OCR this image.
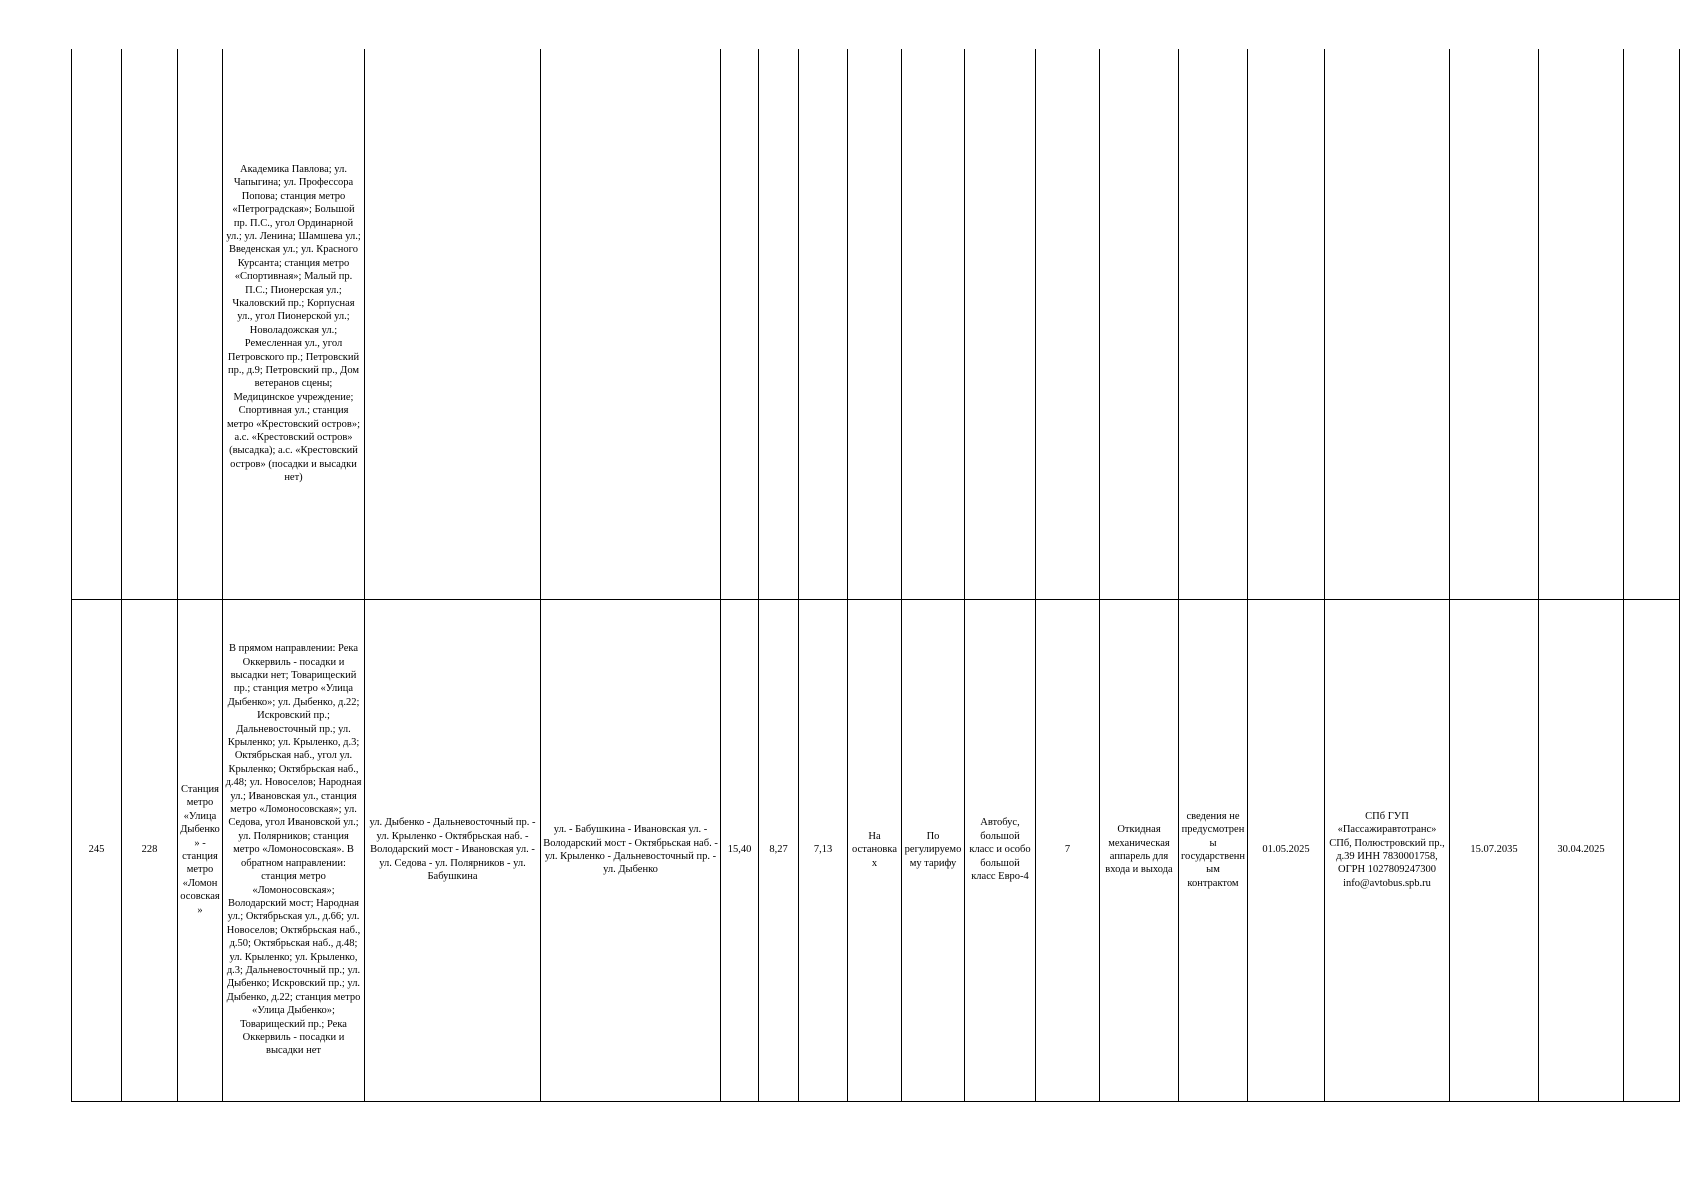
			Академика Павлова; ул. Чапыгина; ул. Профессора Попова; станция метро «Петроградская»; Большой пр. П.С., угол Ординарной ул.; ул. Ленина; Шамшева ул.; Введенская ул.; ул. Красного Курсанта; станция метро «Спортивная»; Малый пр. П.С.; Пионерская ул.; Чкаловский пр.; Корпусная ул., угол Пионерской ул.; Новоладожская ул.; Ремесленная ул., угол Петровского пр.; Петровский пр., д.9; Петровский пр., Дом ветеранов сцены; Медицинское учреждение; Спортивная ул.; станция метро «Крестовский остров»; а.с. «Крестовский остров» (высадка); а.с. «Крестовский остров» (посадки и высадки нет)																
245	228	Станция метро «Улица Дыбенко» - станция метро «Ломоносовская»	В прямом направлении: Река Оккервиль - посадки и высадки нет; Товарищеский пр.; станция метро «Улица Дыбенко»; ул. Дыбенко, д.22; Искровский пр.; Дальневосточный пр.; ул. Крыленко; ул. Крыленко, д.3; Октябрьская наб., угол ул. Крыленко; Октябрьская наб., д.48; ул. Новоселов; Народная ул.; Ивановская ул., станция метро «Ломоносовская»; ул. Седова, угол Ивановской ул.; ул. Полярников; станция метро «Ломоносовская». В обратном направлении: станция метро «Ломоносовская»; Володарский мост; Народная ул.; Октябрьская ул., д.66; ул. Новоселов; Октябрьская наб., д.50; Октябрьская наб., д.48; ул. Крыленко; ул. Крыленко, д.3; Дальневосточный пр.; ул. Дыбенко; Искровский пр.; ул. Дыбенко, д.22; станция метро «Улица Дыбенко»; Товарищеский пр.; Река Оккервиль - посадки и высадки нет	ул. Дыбенко - Дальневосточный пр. - ул. Крыленко - Октябрьская наб. - Володарский мост - Ивановская ул. - ул. Седова - ул. Полярников - ул. Бабушкина	ул. - Бабушкина - Ивановская ул. - Володарский мост - Октябрьская наб. - ул. Крыленко - Дальневосточный пр. - ул. Дыбенко	15,40	8,27	7,13	На остановках	По регулируемому тарифу	Автобус, большой класс и особо большой класс Евро-4	7	Откидная механическая аппарель для входа и выхода	сведения не предусмотрены государственным контрактом	01.05.2025	СПб ГУП «Пассажиравтотранс» СПб, Полюстровский пр., д.39 ИНН 7830001758, ОГРН 1027809247300 info@avtobus.spb.ru	15.07.2035	30.04.2025	
